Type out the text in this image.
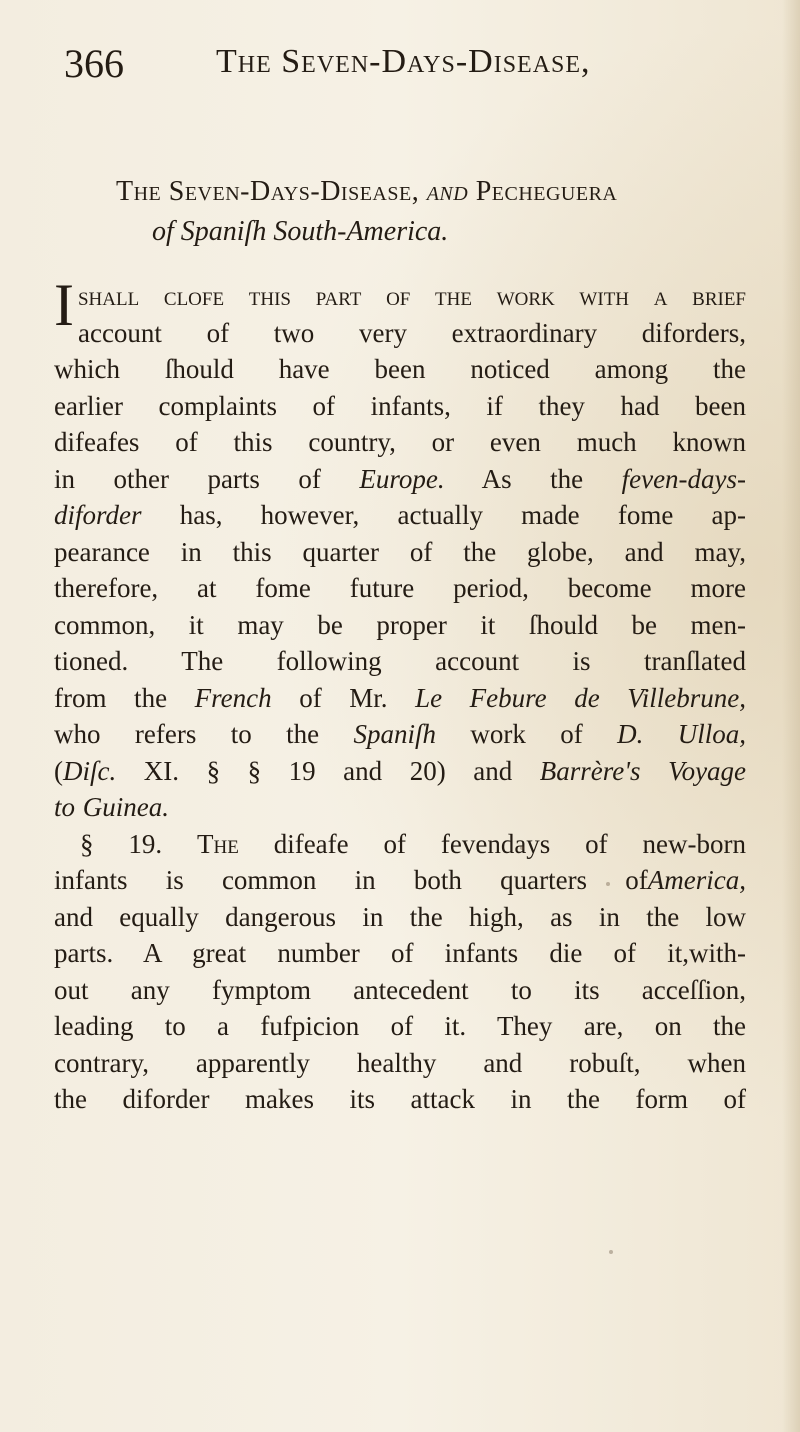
366	The Seven-Days-Disease,
The Seven-Days-Disease, and Pecheguera
of Spaniſh South-America.
I shall clofe this part of the work with a brief
account of two very extraordinary diforders,
which ſhould have been noticed among the
earlier complaints of infants, if they had been
difeafes of this country, or even much known
in other parts of Europe. As the feven-days-
diforder has, however, actually made fome ap-
pearance in this quarter of the globe, and may,
therefore, at fome future period, become more
common, it may be proper it ſhould be men-
tioned. The following account is tranſlated
from the French of Mr. Le Febure de Villebrune,
who refers to the Spaniſh work of D. Ulloa,
(Diſc. XI. § § 19 and 20) and Barrère's Voyage
to Guinea.
§ 19. The difeafe of fevendays of new-born
infants is common in both quarters ofAmerica,
and equally dangerous in the high, as in the low
parts. A great number of infants die of it,with-
out any fymptom antecedent to its acceſſion,
leading to a fufpicion of it. They are, on the
contrary, apparently healthy and robuſt, when
the diforder makes its attack in the form of
